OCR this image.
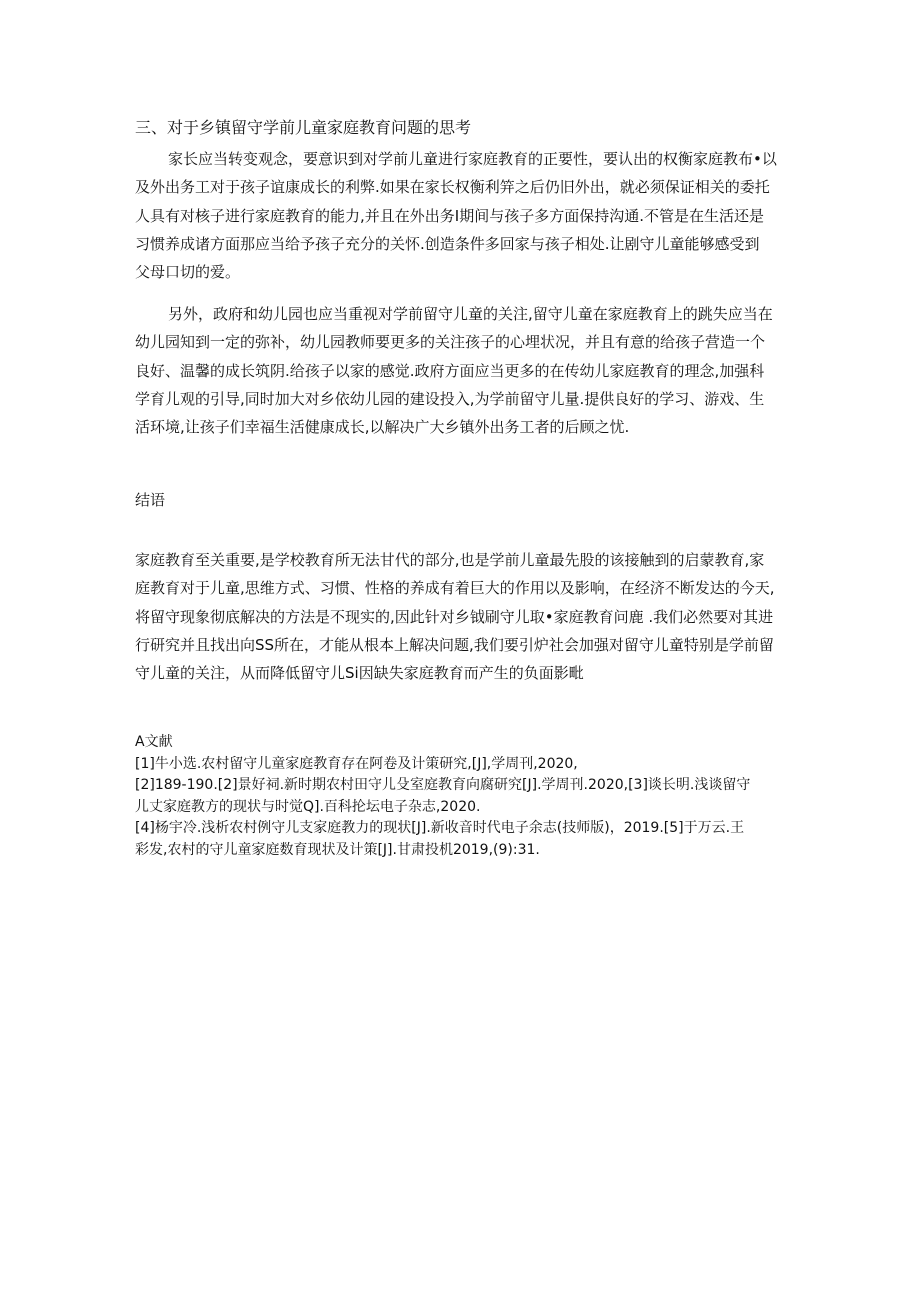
三、对于乡镇留守学前儿童家庭教育问题的思考
家长应当转变观念，要意识到对学前儿童进行家庭教育的正要性，要认出的权衡家庭教布•以
及外出务工对于孩子谊康成长的利弊.如果在家长权衡利笄之后仍旧外出，就必须保证相关的委托
人具有对核子进行家庭教育的能力,并且在外出务I期间与孩子多方面保持沟通.不管是在生活还是
习惯养成诸方面那应当给予孩子充分的关怀.创造条件多回家与孩子相处.让剧守儿童能够感受到
父母口切的爱。
另外，政府和幼儿园也应当重视对学前留守儿童的关注,留守儿童在家庭教育上的跳失应当在
幼儿园知到一定的弥补，幼儿园教师要更多的关注孩子的心埋状况，并且有意的给孩子营造一个
良好、温馨的成长筑阴.给孩子以家的感觉.政府方面应当更多的在传幼儿家庭教育的理念,加强科
学育儿观的引导,同时加大对乡依幼儿园的建设投入,为学前留守儿量.提供良好的学习、游戏、生
活环境,让孩子们幸福生活健康成长,以解决广大乡镇外出务工者的后顾之忧.
结语
家庭教育至关重要,是学校教育所无法甘代的部分,也是学前儿童最先股的该接触到的启蒙教育,家
庭教育对于儿童,思维方式、习惯、性格的养成有着巨大的作用以及影响，在经济不断发达的今天,
将留守现象彻底解决的方法是不现实的,因此针对乡钺刷守儿取•家庭教育问鹿 .我们必然要对其进
行研究并且找出向SS所在，才能从根本上解决问题,我们要引炉社会加强对留守儿童特别是学前留
守儿童的关注，从而降低留守儿Si因缺失家庭教育而产生的负面影毗
A文献
[1]牛小选.农村留守儿童家庭教育存在阿卷及计策研究,[J],学周刊,2020,
[2]189-190.[2]景好祠.新时期农村田守儿殳室庭教育向腐研究[J].学周刊.2020,[3]谈长明.浅谈留守
儿丈家庭教方的现状与时觉Q].百科抡坛电子杂志,2020.
[4]杨宇冷.浅析农村例守儿支家庭教力的现状[J].新收音时代电子余志(技师版)，2019.[5]于万云.王
彩发,农村的守儿童家庭数育现状及计策[J].甘肃投机2019,(9):31.
